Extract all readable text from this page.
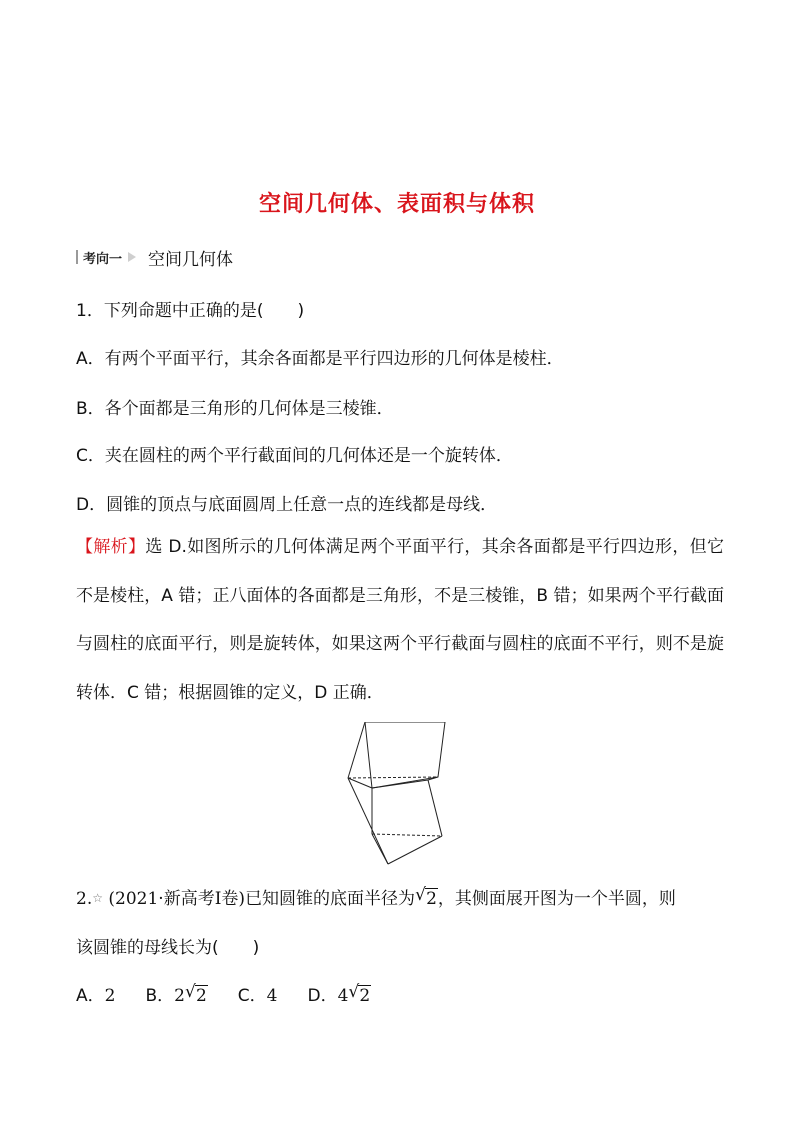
空间几何体、表面积与体积
考向一 空间几何体
1．下列命题中正确的是(　　)
A．有两个平面平行，其余各面都是平行四边形的几何体是棱柱．
B．各个面都是三角形的几何体是三棱锥．
C．夹在圆柱的两个平行截面间的几何体还是一个旋转体．
D．圆锥的顶点与底面圆周上任意一点的连线都是母线．
【解析】选 D.如图所示的几何体满足两个平面平行，其余各面都是平行四边形，但它不是棱柱，A 错；正八面体的各面都是三角形，不是三棱锥，B 错；如果两个平行截面与圆柱的底面平行，则是旋转体，如果这两个平行截面与圆柱的底面不平行，则不是旋转体．C 错；根据圆锥的定义，D 正确．
2.☆ (2021·新高考Ⅰ卷)已知圆锥的底面半径为 √ 2，其侧面展开图为一个半圆，则
该圆锥的母线长为(　　)
A．2 B．2 √ 2 C．4 D．4 √ 2
